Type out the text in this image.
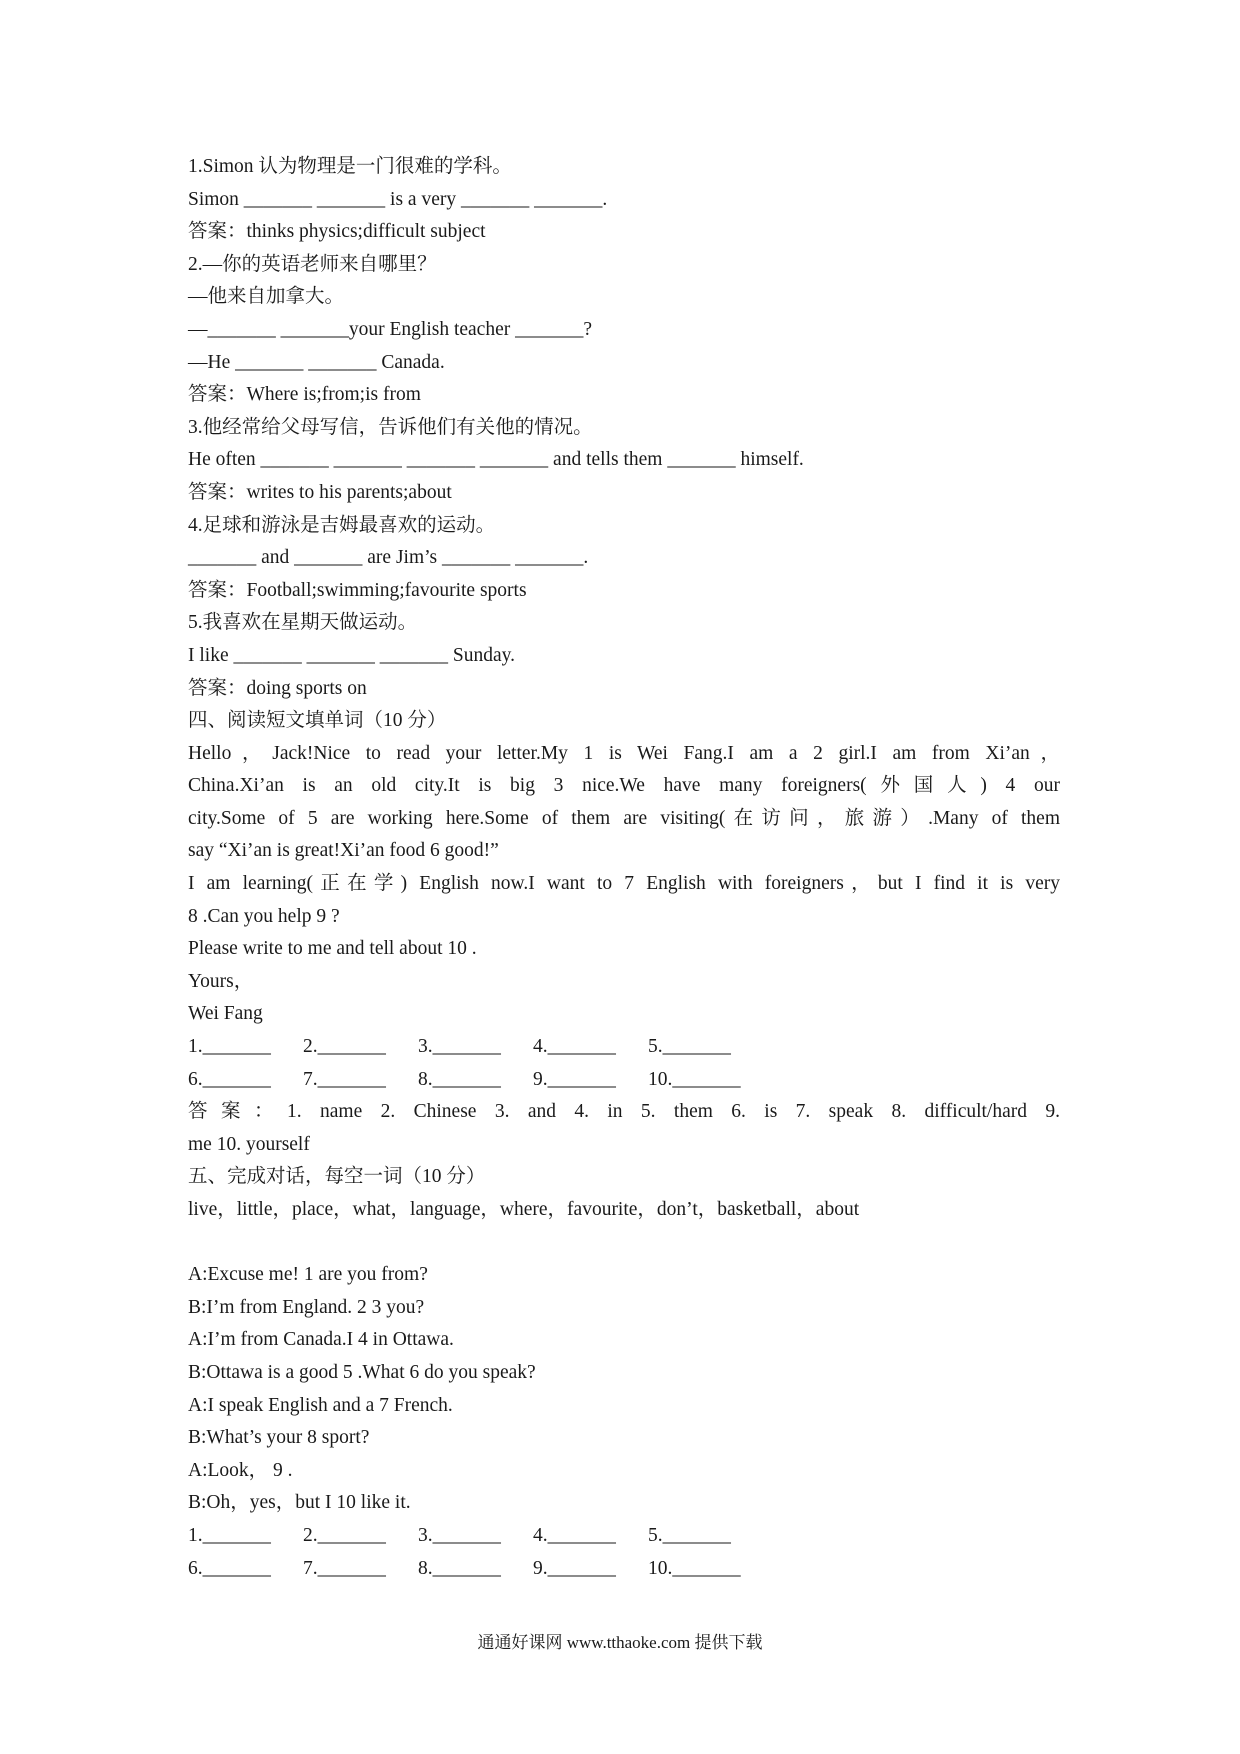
1.Simon 认为物理是一门很难的学科。
Simon _______ _______ is a very _______ _______.
答案：thinks physics;difficult subject
2.—你的英语老师来自哪里？
—他来自加拿大。
—_______ _______your English teacher _______?
—He _______ _______ Canada.
答案：Where is;from;is from
3.他经常给父母写信，告诉他们有关他的情况。
He often _______ _______ _______ _______ and tells them _______ himself.
答案：writes to his parents;about
4.足球和游泳是吉姆最喜欢的运动。
_______ and _______ are Jim’s _______ _______.
答案：Football;swimming;favourite sports
5.我喜欢在星期天做运动。
I like _______ _______ _______ Sunday.
答案：doing sports on
四、阅读短文填单词（10 分）
Hello，Jack!Nice to read your letter.My 1 is Wei Fang.I am a 2 girl.I am from Xi’an，
China.Xi’an is an old city.It is big 3 nice.We have many foreigners(外国人) 4 our
city.Some of 5 are working here.Some of them are visiting(在访问，旅游）.Many of them
say “Xi’an is great!Xi’an food 6 good!”
I am learning(正在学) English now.I want to 7 English with foreigners，but I find it is very
8 .Can you help 9 ?
Please write to me and tell about 10 .
Yours，
Wei Fang
1._______	2._______	3._______	4._______	5._______
6._______	7._______	8._______	9._______	10._______
答案：1. name 2. Chinese 3. and 4. in 5. them 6. is 7. speak 8. difficult/hard 9.
me 10. yourself
五、完成对话，每空一词（10 分）
live，little，place，what，language，where，favourite，don’t，basketball，about
A:Excuse me! 1 are you from?
B:I’m from England. 2 3 you?
A:I’m from Canada.I 4 in Ottawa.
B:Ottawa is a good 5 .What 6 do you speak?
A:I speak English and a 7 French.
B:What’s your 8 sport?
A:Look， 9 .
B:Oh，yes，but I 10 like it.
1._______	2._______	3._______	4._______	5._______
6._______	7._______	8._______	9._______	10._______
通通好课网 www.tthaoke.com 提供下载
